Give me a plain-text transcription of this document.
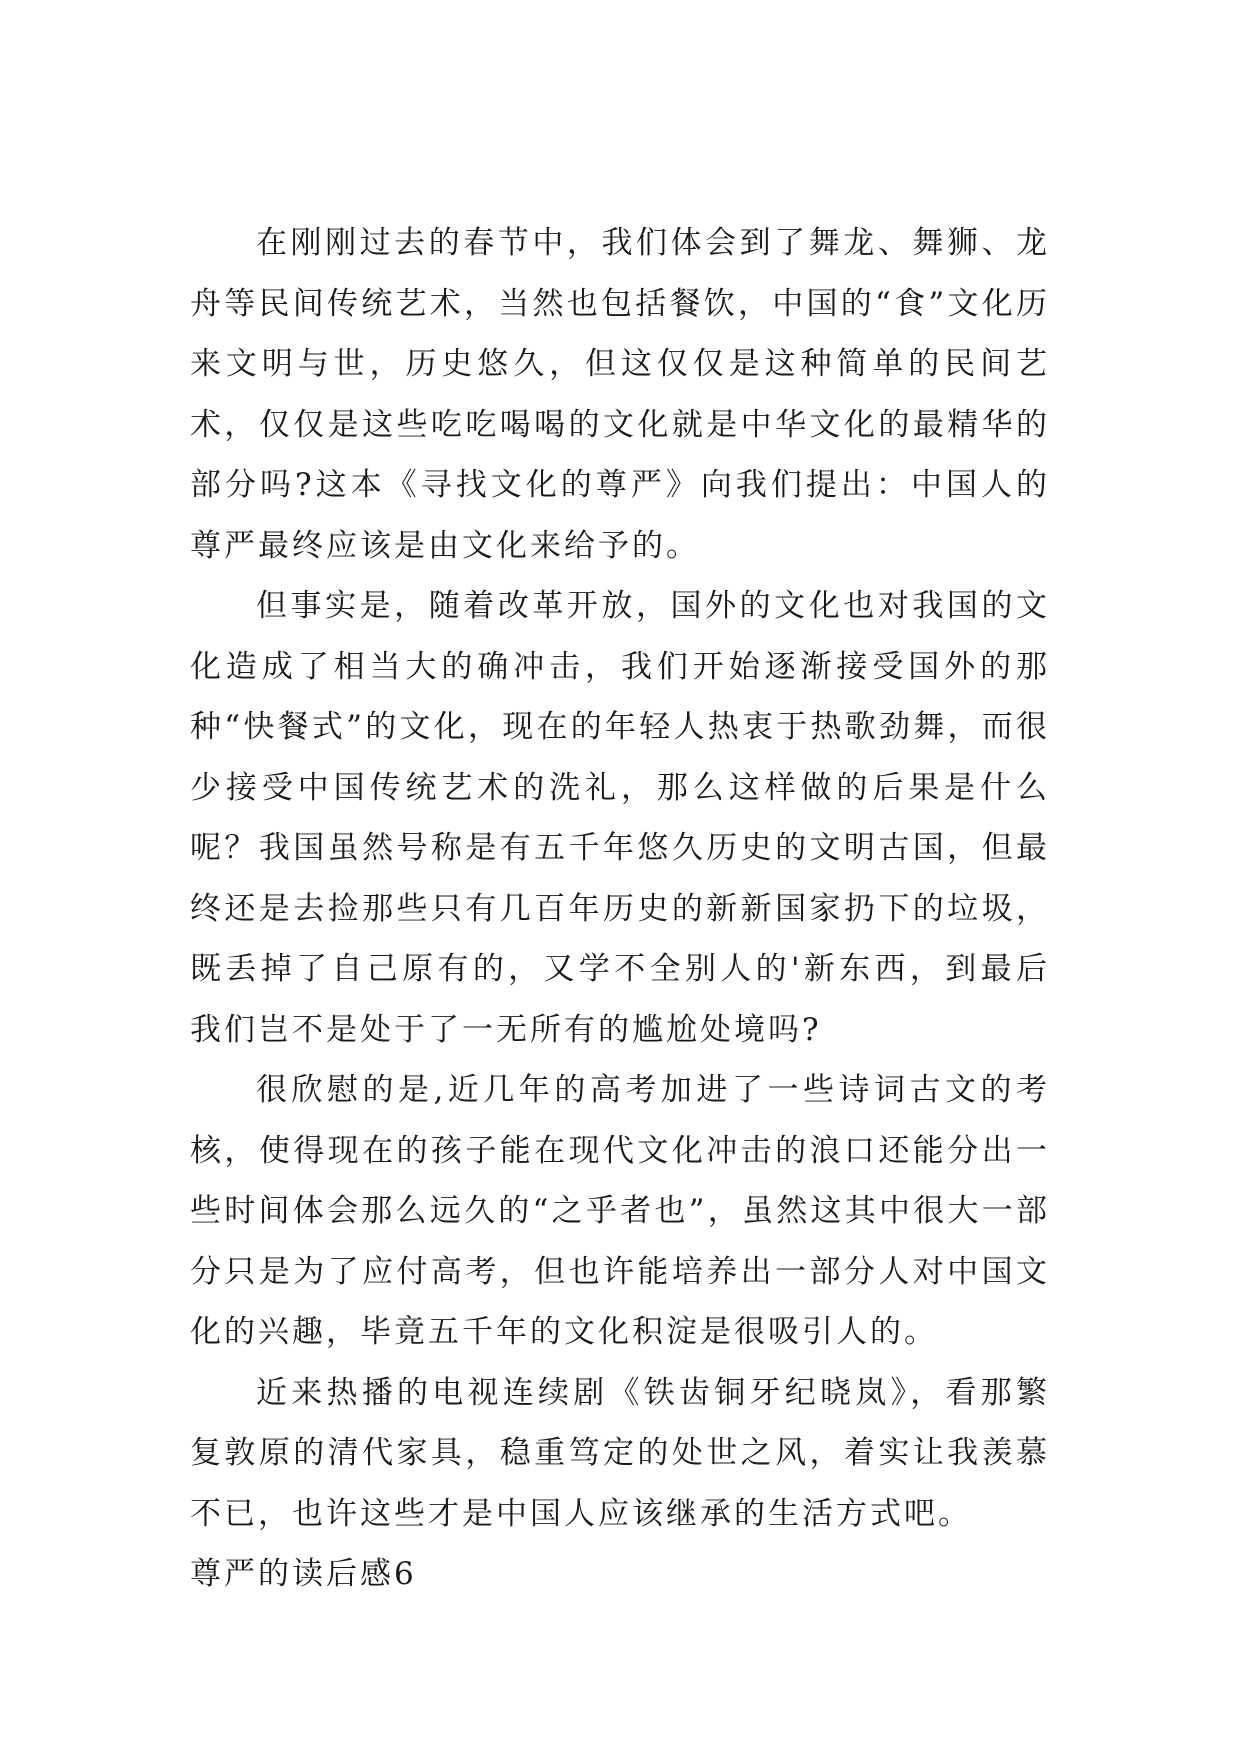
在刚刚过去的春节中，我们体会到了舞龙、舞狮、龙舟等民间传统艺术，当然也包括餐饮，中国的“食”文化历来文明与世，历史悠久，但这仅仅是这种简单的民间艺术，仅仅是这些吃吃喝喝的文化就是中华文化的最精华的部分吗?这本《寻找文化的尊严》向我们提出：中国人的尊严最终应该是由文化来给予的。

但事实是，随着改革开放，国外的文化也对我国的文化造成了相当大的确冲击，我们开始逐渐接受国外的那种“快餐式”的文化，现在的年轻人热衷于热歌劲舞，而很少接受中国传统艺术的洗礼，那么这样做的后果是什么呢？我国虽然号称是有五千年悠久历史的文明古国，但最终还是去捡那些只有几百年历史的新新国家扔下的垃圾，既丢掉了自己原有的，又学不全别人的'新东西，到最后我们岂不是处于了一无所有的尴尬处境吗?

很欣慰的是,近几年的高考加进了一些诗词古文的考核，使得现在的孩子能在现代文化冲击的浪口还能分出一些时间体会那么远久的“之乎者也”，虽然这其中很大一部分只是为了应付高考，但也许能培养出一部分人对中国文化的兴趣，毕竟五千年的文化积淀是很吸引人的。

近来热播的电视连续剧《铁齿铜牙纪晓岚》，看那繁复敦原的清代家具，稳重笃定的处世之风，着实让我羡慕不已，也许这些才是中国人应该继承的生活方式吧。

尊严的读后感6
